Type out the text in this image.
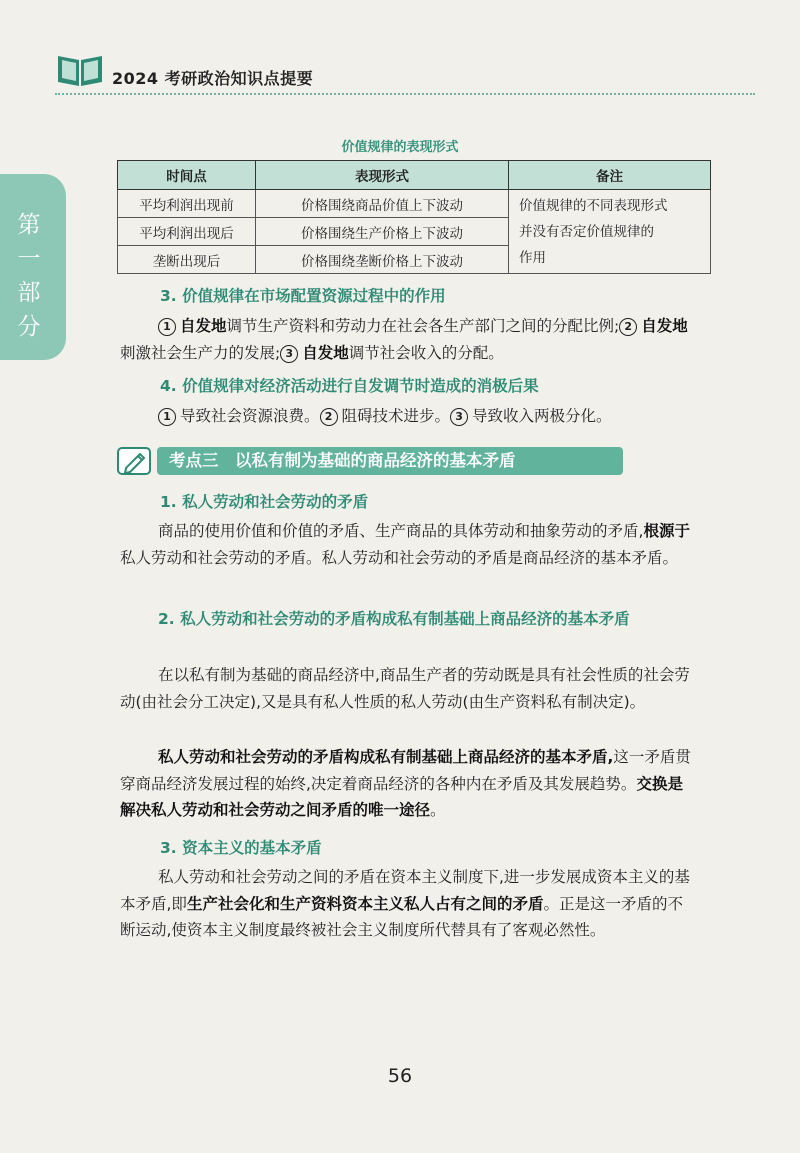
2024 考研政治知识点提要
第
一
部
分
价值规律的表现形式
时间点	表现形式	备注
平均利润出现前	价格围绕商品价值上下波动	价值规律的不同表现形式
并没有否定价值规律的
作用

平均利润出现后	价格围绕生产价格上下波动	
垄断出现后	价格围绕垄断价格上下波动	
3. 价值规律在市场配置资源过程中的作用
1 自发地调节生产资料和劳动力在社会各生产部门之间的分配比例; 2 自发地刺激社会生产力的发展; 3 自发地调节社会收入的分配。
4. 价值规律对经济活动进行自发调节时造成的消极后果
1 导致社会资源浪费。 2 阻碍技术进步。 3 导致收入两极分化。
考点三　以私有制为基础的商品经济的基本矛盾
1. 私人劳动和社会劳动的矛盾
商品的使用价值和价值的矛盾、生产商品的具体劳动和抽象劳动的矛盾,根源于私人劳动和社会劳动的矛盾。私人劳动和社会劳动的矛盾是商品经济的基本矛盾。
2. 私人劳动和社会劳动的矛盾构成私有制基础上商品经济的基本矛盾
在以私有制为基础的商品经济中,商品生产者的劳动既是具有社会性质的社会劳动(由社会分工决定),又是具有私人性质的私人劳动(由生产资料私有制决定)。
私人劳动和社会劳动的矛盾构成私有制基础上商品经济的基本矛盾,这一矛盾贯穿商品经济发展过程的始终,决定着商品经济的各种内在矛盾及其发展趋势。交换是解决私人劳动和社会劳动之间矛盾的唯一途径。
3. 资本主义的基本矛盾
私人劳动和社会劳动之间的矛盾在资本主义制度下,进一步发展成资本主义的基本矛盾,即生产社会化和生产资料资本主义私人占有之间的矛盾。正是这一矛盾的不断运动,使资本主义制度最终被社会主义制度所代替具有了客观必然性。
56
